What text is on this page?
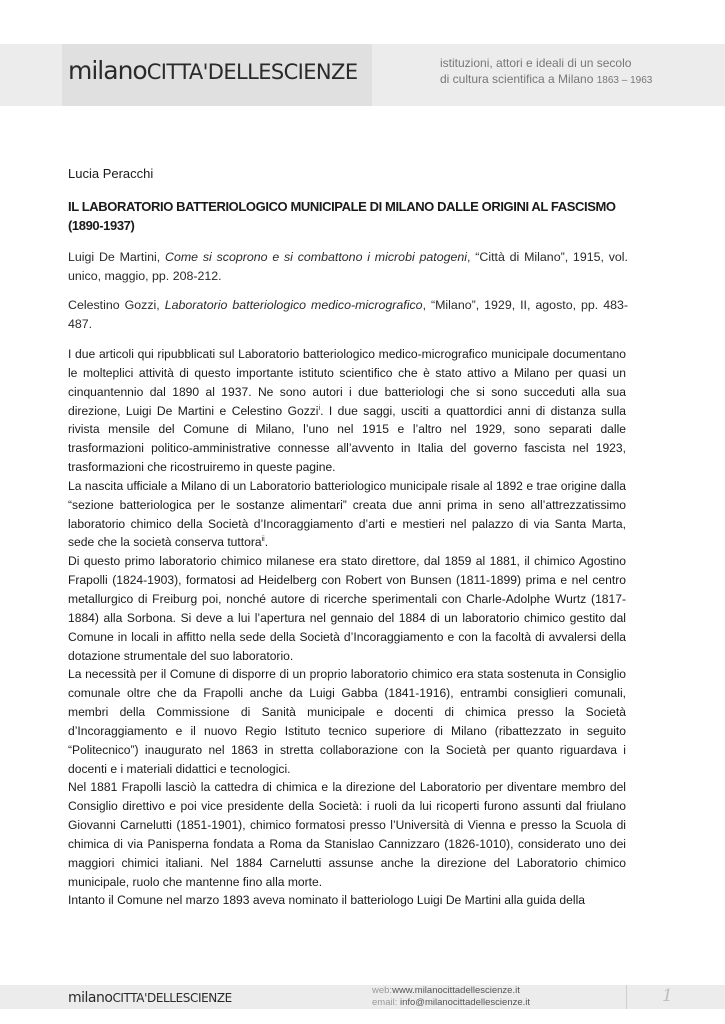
milanoCITTA'DELLESCIENZE	istituzioni, attori e ideali di un secolo
di cultura scientifica a Milano 1863 – 1963
Lucia Peracchi
IL LABORATORIO BATTERIOLOGICO MUNICIPALE DI MILANO DALLE ORIGINI AL FASCISMO (1890-1937)

Luigi De Martini, Come si scoprono e si combattono i microbi patogeni, “Città di Milano”, 1915, vol. unico, maggio, pp. 208-212.

Celestino Gozzi, Laboratorio batteriologico medico-micrografico, “Milano”, 1929, II, agosto, pp. 483-487.

I due articoli qui ripubblicati sul Laboratorio batteriologico medico-micrografico municipale documentano le molteplici attività di questo importante istituto scientifico che è stato attivo a Milano per quasi un cinquantennio dal 1890 al 1937. Ne sono autori i due batteriologi che si sono succeduti alla sua direzione, Luigi De Martini e Celestino Gozzi$^i$. I due saggi, usciti a quattordici anni di distanza sulla rivista mensile del Comune di Milano, l’uno nel 1915 e l’altro nel 1929, sono separati dalle trasformazioni politico-amministrative connesse all’avvento in Italia del governo fascista nel 1923, trasformazioni che ricostruiremo in queste pagine.

La nascita ufficiale a Milano di un Laboratorio batteriologico municipale risale al 1892 e trae origine dalla “sezione batteriologica per le sostanze alimentari” creata due anni prima in seno all’attrezzatissimo laboratorio chimico della Società d’Incoraggiamento d’arti e mestieri nel palazzo di via Santa Marta, sede che la società conserva tuttora$^{ii}$.

Di questo primo laboratorio chimico milanese era stato direttore, dal 1859 al 1881, il chimico Agostino Frapolli (1824-1903), formatosi ad Heidelberg con Robert von Bunsen (1811-1899) prima e nel centro metallurgico di Freiburg poi, nonché autore di ricerche sperimentali con Charle-Adolphe Wurtz (1817-1884) alla Sorbona. Si deve a lui l’apertura nel gennaio del 1884 di un laboratorio chimico gestito dal Comune in locali in affitto nella sede della Società d’Incoraggiamento e con la facoltà di avvalersi della dotazione strumentale del suo laboratorio.

La necessità per il Comune di disporre di un proprio laboratorio chimico era stata sostenuta in Consiglio comunale oltre che da Frapolli anche da Luigi Gabba (1841-1916), entrambi consiglieri comunali, membri della Commissione di Sanità municipale e docenti di chimica presso la Società d’Incoraggiamento e il nuovo Regio Istituto tecnico superiore di Milano (ribattezzato in seguito “Politecnico”) inaugurato nel 1863 in stretta collaborazione con la Società per quanto riguardava i docenti e i materiali didattici e tecnologici.

Nel 1881 Frapolli lasciò la cattedra di chimica e la direzione del Laboratorio per diventare membro del Consiglio direttivo e poi vice presidente della Società: i ruoli da lui ricoperti furono assunti dal friulano Giovanni Carnelutti (1851-1901), chimico formatosi presso l’Università di Vienna e presso la Scuola di chimica di via Panisperna fondata a Roma da Stanislao Cannizzaro (1826-1010), considerato uno dei maggiori chimici italiani. Nel 1884 Carnelutti assunse anche la direzione del Laboratorio chimico municipale, ruolo che mantenne fino alla morte.

Intanto il Comune nel marzo 1893 aveva nominato il batteriologo Luigi De Martini alla guida della

milanoCITTA'DELLESCIENZE
web:www.milanocittadellescienze.it
email: info@milanocittadellescienze.it	1
